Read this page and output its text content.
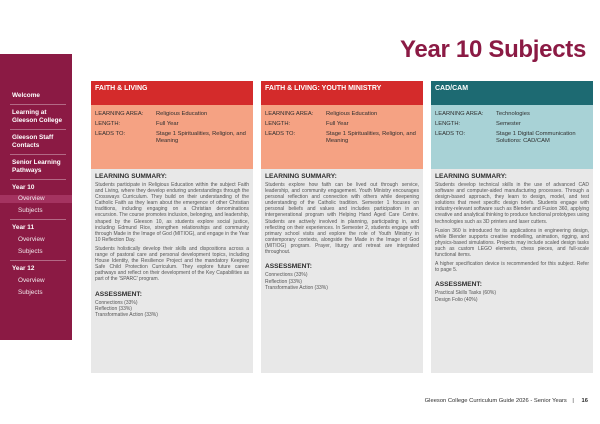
Welcome
Learning at Gleeson College
Gleeson Staff Contacts
Senior Learning Pathways
Year 10
Overview
Subjects
Year 11
Overview
Subjects
Year 12
Overview
Subjects
Year 10 Subjects
FAITH & LIVING
LEARNING AREA:	Religious Education
LENGTH:	Full Year
LEADS TO:	Stage 1 Spiritualities, Religion, and Meaning
LEARNING SUMMARY:

Students participate in Religious Education within the subject Faith and Living, where they develop enduring understandings through the Crossways Curriculum. They build on their understanding of the Catholic Faith as they learn about the emergence of other Christian traditions, including engaging on a Christian denominations excursion. The course promotes inclusion, belonging, and leadership, shaped by the Gleeson 10, as students explore social justice, including Edmund Rice, strengthen relationships and community through Made in the Image of God (MITIOG), and engage in the Year 10 Reflection Day.

Students holistically develop their skills and dispositions across a range of pastoral care and personal development topics, including House Identity, the Resilience Project and the mandatory Keeping Safe Child Protection Curriculum. They explore future career pathways and reflect on their development of the Key Capabilities as part of the 'SPARC' program.

ASSESSMENT:
Connections (33%)
Reflection (33%)
Transformative Action (33%)
FAITH & LIVING: YOUTH MINISTRY
LEARNING AREA:	Religious Education
LENGTH:	Full Year
LEADS TO:	Stage 1 Spiritualities, Religion, and Meaning
LEARNING SUMMARY:

Students explore how faith can be lived out through service, leadership, and community engagement. Youth Ministry encourages personal reflection and connection with others while deepening understanding of the Catholic tradition. Semester 1 focuses on personal beliefs and values and includes participation in an intergenerational program with Helping Hand Aged Care Centre. Students are actively involved in planning, participating in, and reflecting on their experiences. In Semester 2, students engage with primary school visits and explore the role of Youth Ministry in contemporary contexts, alongside the Made in the Image of God (MITIOG) program. Prayer, liturgy and retreat are integrated throughout.

ASSESSMENT:
Connections (33%)
Reflection (33%)
Transformative Action (33%)
CAD/CAM
LEARNING AREA:	Technologies
LENGTH:	Semester
LEADS TO:	Stage 1 Digital Communication Solutions: CAD/CAM
LEARNING SUMMARY:

Students develop technical skills in the use of advanced CAD software and computer-aided manufacturing processes. Through a design-based approach, they learn to design, model, and test solutions that meet specific design briefs. Students engage with industry-relevant software such as Blender and Fusion 360, applying creative and analytical thinking to produce functional prototypes using technologies such as 3D printers and laser cutters.

Fusion 360 is introduced for its applications in engineering design, while Blender supports creative modelling, animation, rigging, and physics-based simulations. Projects may include scaled design tasks such as custom LEGO elements, chess pieces, and full-scale functional items.

A higher specification device is recommended for this subject. Refer to page 5.

ASSESSMENT:
Practical Skills Tasks (60%)
Design Folio (40%)
Gleeson College Curriculum Guide 2026 - Senior Years | 16
